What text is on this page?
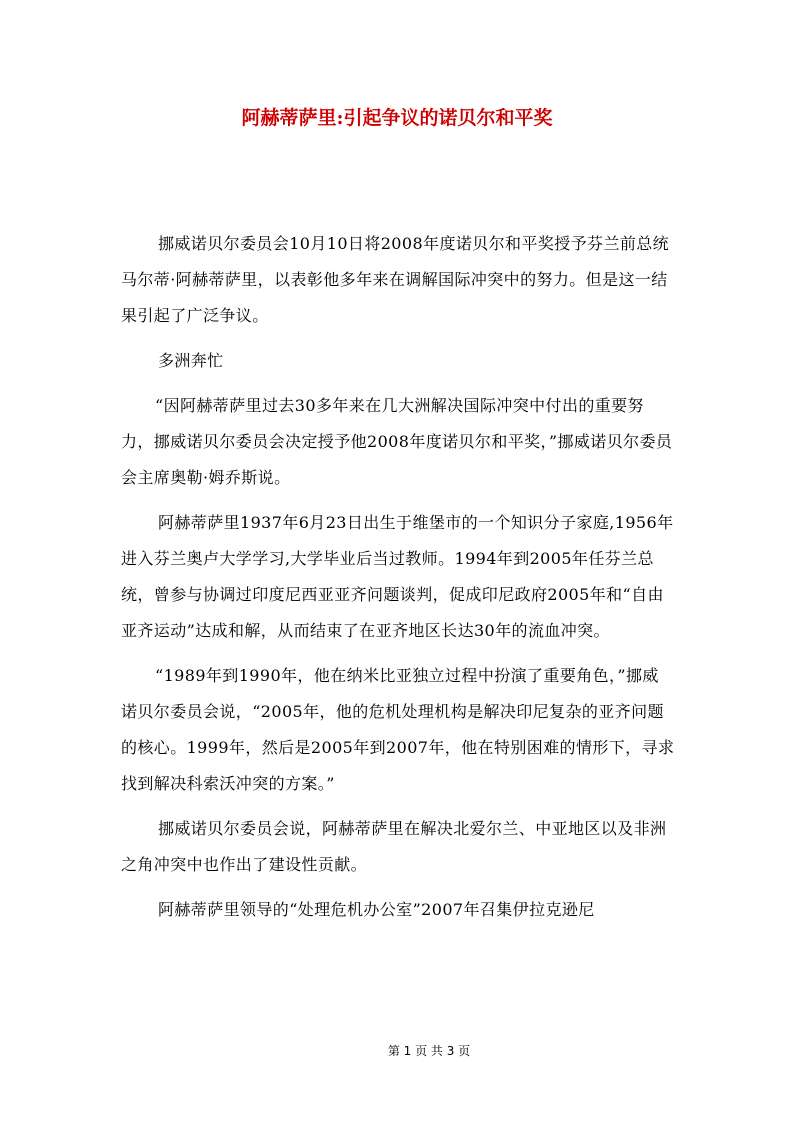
阿赫蒂萨里:引起争议的诺贝尔和平奖

挪威诺贝尔委员会10月10日将2008年度诺贝尔和平奖授予芬兰前总统马尔蒂·阿赫蒂萨里，以表彰他多年来在调解国际冲突中的努力。但是这一结果引起了广泛争议。

多洲奔忙

“因阿赫蒂萨里过去30多年来在几大洲解决国际冲突中付出的重要努力，挪威诺贝尔委员会决定授予他2008年度诺贝尔和平奖，”挪威诺贝尔委员会主席奥勒·姆乔斯说。

阿赫蒂萨里1937年6月23日出生于维堡市的一个知识分子家庭,1956年进入芬兰奥卢大学学习,大学毕业后当过教师。1994年到2005年任芬兰总统，曾参与协调过印度尼西亚亚齐问题谈判，促成印尼政府2005年和“自由亚齐运动”达成和解，从而结束了在亚齐地区长达30年的流血冲突。

“1989年到1990年，他在纳米比亚独立过程中扮演了重要角色，”挪威诺贝尔委员会说，“2005年，他的危机处理机构是解决印尼复杂的亚齐问题的核心。1999年，然后是2005年到2007年，他在特别困难的情形下，寻求找到解决科索沃冲突的方案。”

挪威诺贝尔委员会说，阿赫蒂萨里在解决北爱尔兰、中亚地区以及非洲之角冲突中也作出了建设性贡献。

阿赫蒂萨里领导的“处理危机办公室”2007年召集伊拉克逊尼

第 1 页 共 3 页
